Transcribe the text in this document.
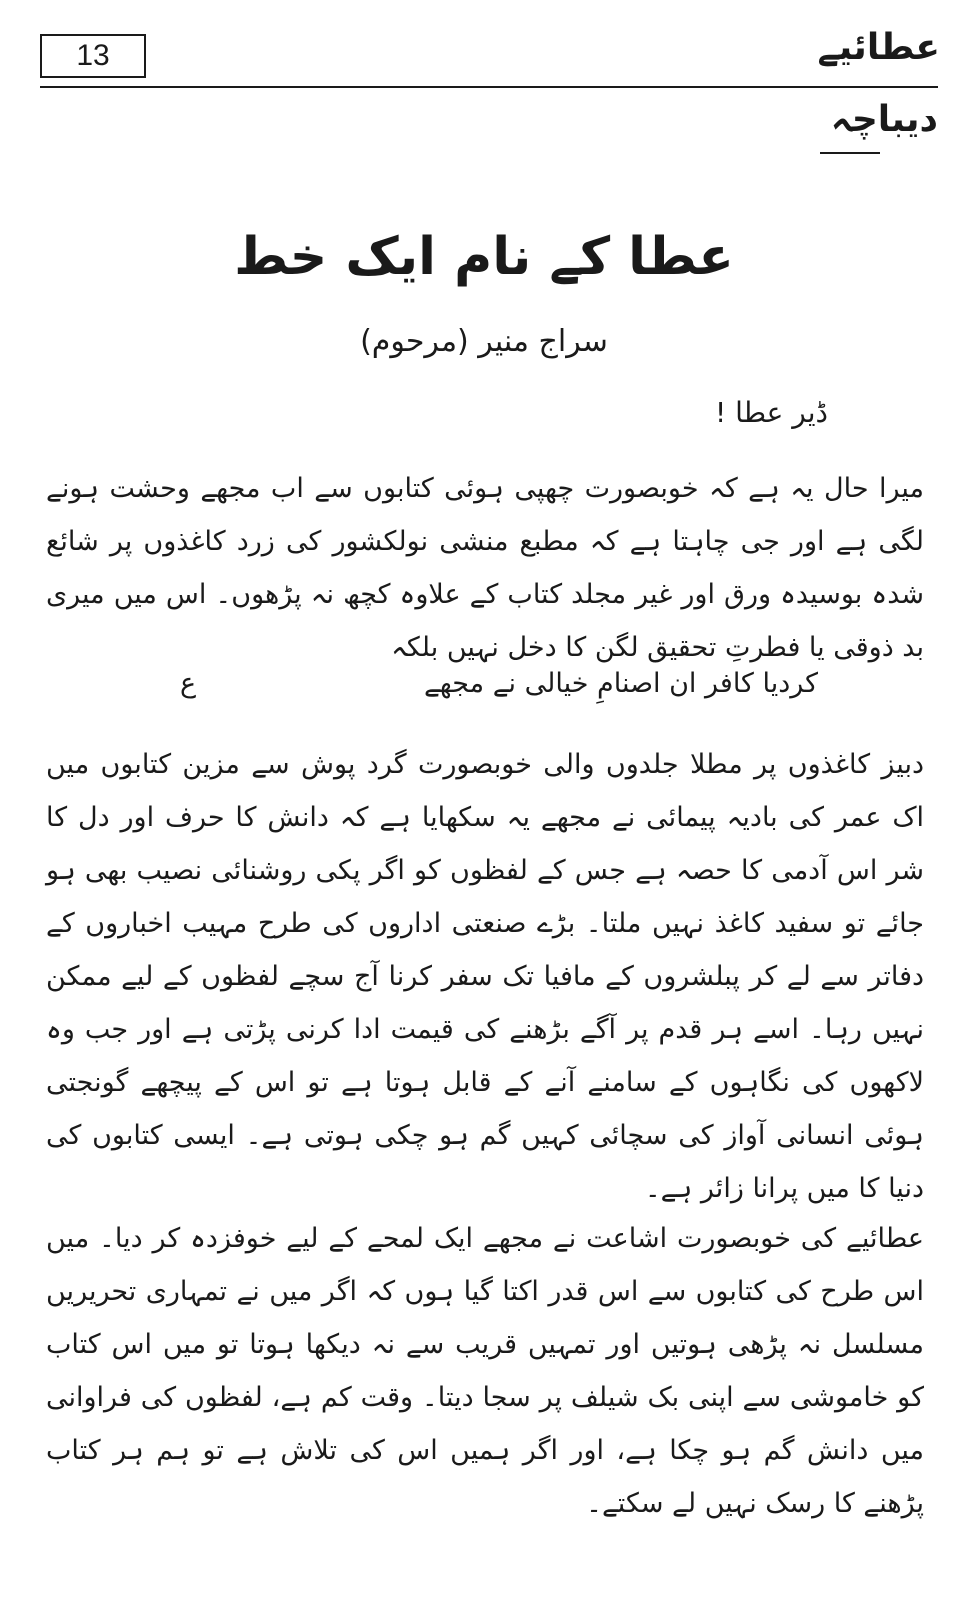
13	عطائیے
دیباچہ
عطا کے نام ایک خط
سراج منیر (مرحوم)
ڈیر عطا !

میرا حال یہ ہے کہ خوبصورت چھپی ہوئی کتابوں سے اب مجھے وحشت ہونے لگی ہے اور جی چاہتا ہے کہ مطبع منشی نولکشور کی زرد کاغذوں پر شائع شدہ بوسیدہ ورق اور غیر مجلد کتاب کے علاوہ کچھ نہ پڑھوں۔ اس میں میری بد ذوقی یا فطرتِ تحقیق لگن کا دخل نہیں بلکہ

ع	کردیا کافر ان اصنامِ خیالی نے مجھے

دبیز کاغذوں پر مطلا جلدوں والی خوبصورت گرد پوش سے مزین کتابوں میں اک عمر کی بادیہ پیمائی نے مجھے یہ سکھایا ہے کہ دانش کا حرف اور دل کا شر اس آدمی کا حصہ ہے جس کے لفظوں کو اگر پکی روشنائی نصیب بھی ہو جائے تو سفید کاغذ نہیں ملتا۔ بڑے صنعتی اداروں کی طرح مہیب اخباروں کے دفاتر سے لے کر پبلشروں کے مافیا تک سفر کرنا آج سچے لفظوں کے لیے ممکن نہیں رہا۔ اسے ہر قدم پر آگے بڑھنے کی قیمت ادا کرنی پڑتی ہے اور جب وہ لاکھوں کی نگاہوں کے سامنے آنے کے قابل ہوتا ہے تو اس کے پیچھے گونجتی ہوئی انسانی آواز کی سچائی کہیں گم ہو چکی ہوتی ہے۔ ایسی کتابوں کی دنیا کا میں پرانا زائر ہے۔

عطائیے کی خوبصورت اشاعت نے مجھے ایک لمحے کے لیے خوفزدہ کر دیا۔ میں اس طرح کی کتابوں سے اس قدر اکتا گیا ہوں کہ اگر میں نے تمہاری تحریریں مسلسل نہ پڑھی ہوتیں اور تمہیں قریب سے نہ دیکھا ہوتا تو میں اس کتاب کو خاموشی سے اپنی بک شیلف پر سجا دیتا۔ وقت کم ہے، لفظوں کی فراوانی میں دانش گم ہو چکا ہے، اور اگر ہمیں اس کی تلاش ہے تو ہم ہر کتاب پڑھنے کا رسک نہیں لے سکتے۔
